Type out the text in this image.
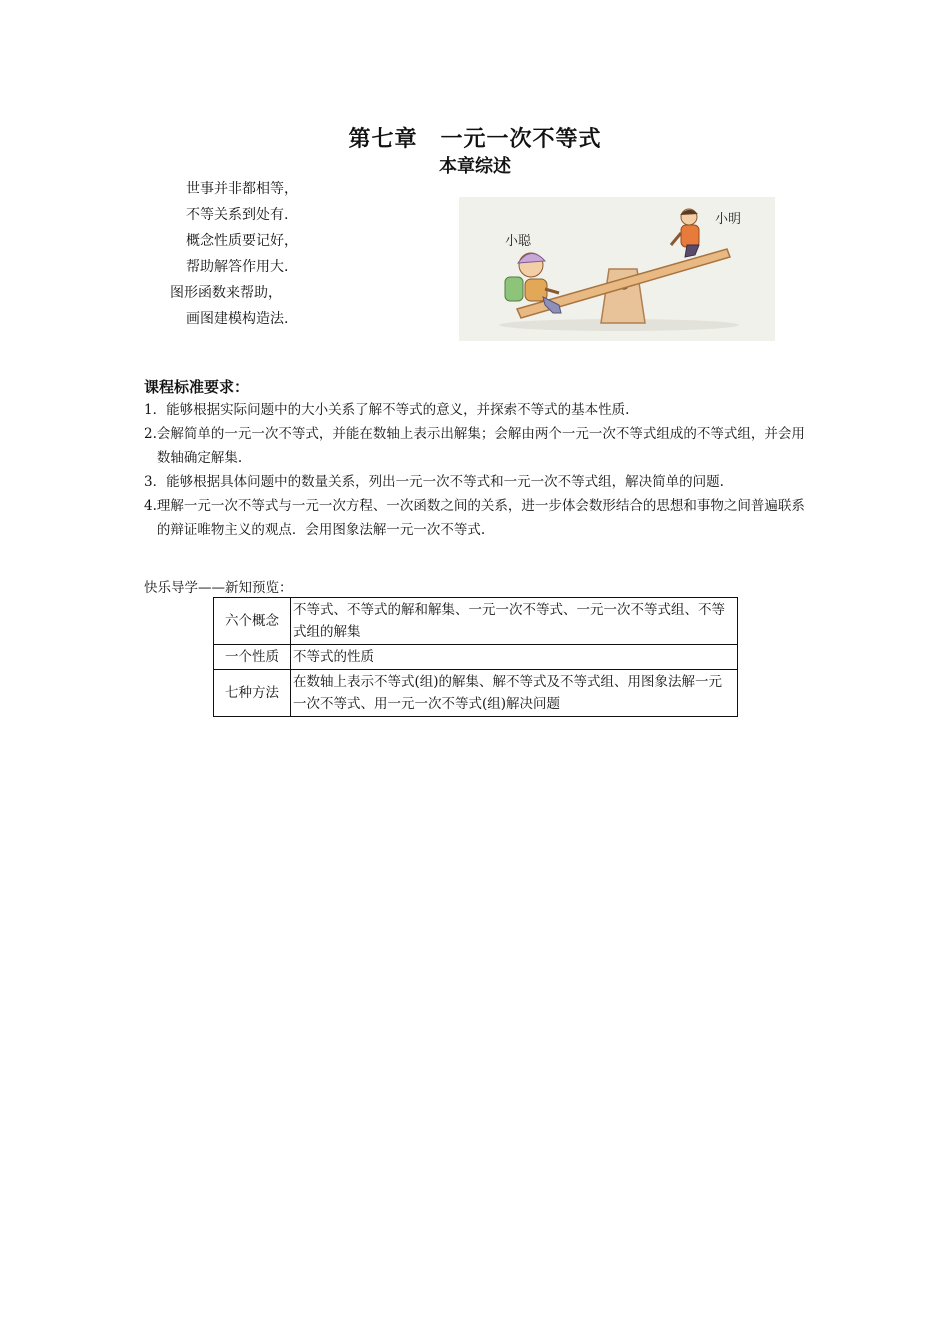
第七章　一元一次不等式
本章综述
世事并非都相等，
不等关系到处有.
概念性质要记好，
帮助解答作用大.
图形函数来帮助，
画图建模构造法.
小聪
小明
课程标准要求：
1． 能够根据实际问题中的大小关系了解不等式的意义，并探索不等式的基本性质.
2. 会解简单的一元一次不等式，并能在数轴上表示出解集；会解由两个一元一次不等式组成的不等式组，并会用数轴确定解集.
3． 能够根据具体问题中的数量关系，列出一元一次不等式和一元一次不等式组，解决简单的问题.
4. 理解一元一次不等式与一元一次方程、一次函数之间的关系，进一步体会数形结合的思想和事物之间普遍联系的辩证唯物主义的观点．会用图象法解一元一次不等式.
快乐导学——新知预览：
六个概念	不等式、不等式的解和解集、一元一次不等式、一元一次不等式组、不等式组的解集
一个性质	不等式的性质
七种方法	在数轴上表示不等式(组)的解集、解不等式及不等式组、用图象法解一元一次不等式、用一元一次不等式(组)解决问题
